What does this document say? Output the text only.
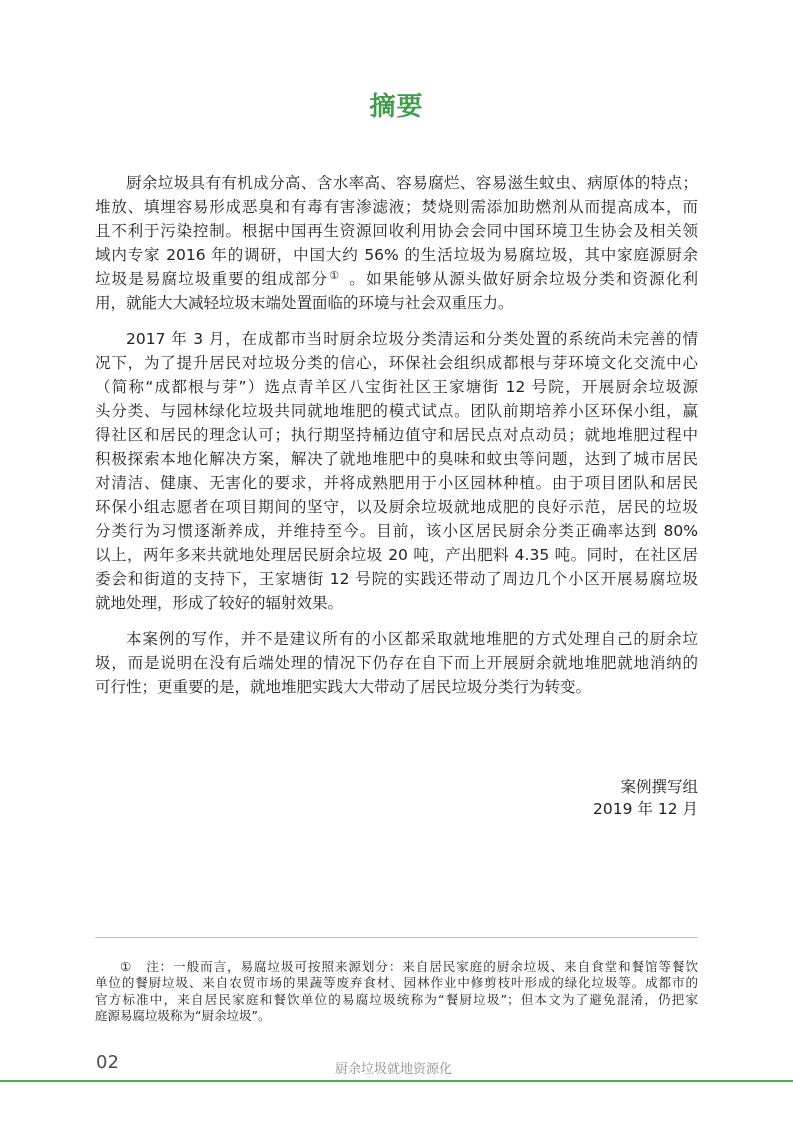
摘要

厨余垃圾具有有机成分高、含水率高、容易腐烂、容易滋生蚊虫、病原体的特点；
堆放、填埋容易形成恶臭和有毒有害渗滤液；焚烧则需添加助燃剂从而提高成本，而
且不利于污染控制。根据中国再生资源回收利用协会会同中国环境卫生协会及相关领
域内专家 2016 年的调研，中国大约 56% 的生活垃圾为易腐垃圾，其中家庭源厨余
垃圾是易腐垃圾重要的组成部分① 。如果能够从源头做好厨余垃圾分类和资源化利
用，就能大大减轻垃圾末端处置面临的环境与社会双重压力。

2017 年 3 月，在成都市当时厨余垃圾分类清运和分类处置的系统尚未完善的情
况下，为了提升居民对垃圾分类的信心，环保社会组织成都根与芽环境文化交流中心
（简称“成都根与芽”）选点青羊区八宝街社区王家塘街 12 号院，开展厨余垃圾源
头分类、与园林绿化垃圾共同就地堆肥的模式试点。团队前期培养小区环保小组，赢
得社区和居民的理念认可；执行期坚持桶边值守和居民点对点动员；就地堆肥过程中
积极探索本地化解决方案，解决了就地堆肥中的臭味和蚊虫等问题，达到了城市居民
对清洁、健康、无害化的要求，并将成熟肥用于小区园林种植。由于项目团队和居民
环保小组志愿者在项目期间的坚守，以及厨余垃圾就地成肥的良好示范，居民的垃圾
分类行为习惯逐渐养成，并维持至今。目前，该小区居民厨余分类正确率达到 80%
以上，两年多来共就地处理居民厨余垃圾 20 吨，产出肥料 4.35 吨。同时，在社区居
委会和街道的支持下，王家塘街 12 号院的实践还带动了周边几个小区开展易腐垃圾
就地处理，形成了较好的辐射效果。

本案例的写作，并不是建议所有的小区都采取就地堆肥的方式处理自己的厨余垃
圾，而是说明在没有后端处理的情况下仍存在自下而上开展厨余就地堆肥就地消纳的
可行性；更重要的是，就地堆肥实践大大带动了居民垃圾分类行为转变。

案例撰写组
2019 年 12 月
① 注：一般而言，易腐垃圾可按照来源划分：来自居民家庭的厨余垃圾、来自食堂和餐馆等餐饮
单位的餐厨垃圾、来自农贸市场的果蔬等废弃食材、园林作业中修剪枝叶形成的绿化垃圾等。成都市的
官方标准中，来自居民家庭和餐饮单位的易腐垃圾统称为“餐厨垃圾”；但本文为了避免混淆，仍把家
庭源易腐垃圾称为“厨余垃圾”。
02	厨余垃圾就地资源化
